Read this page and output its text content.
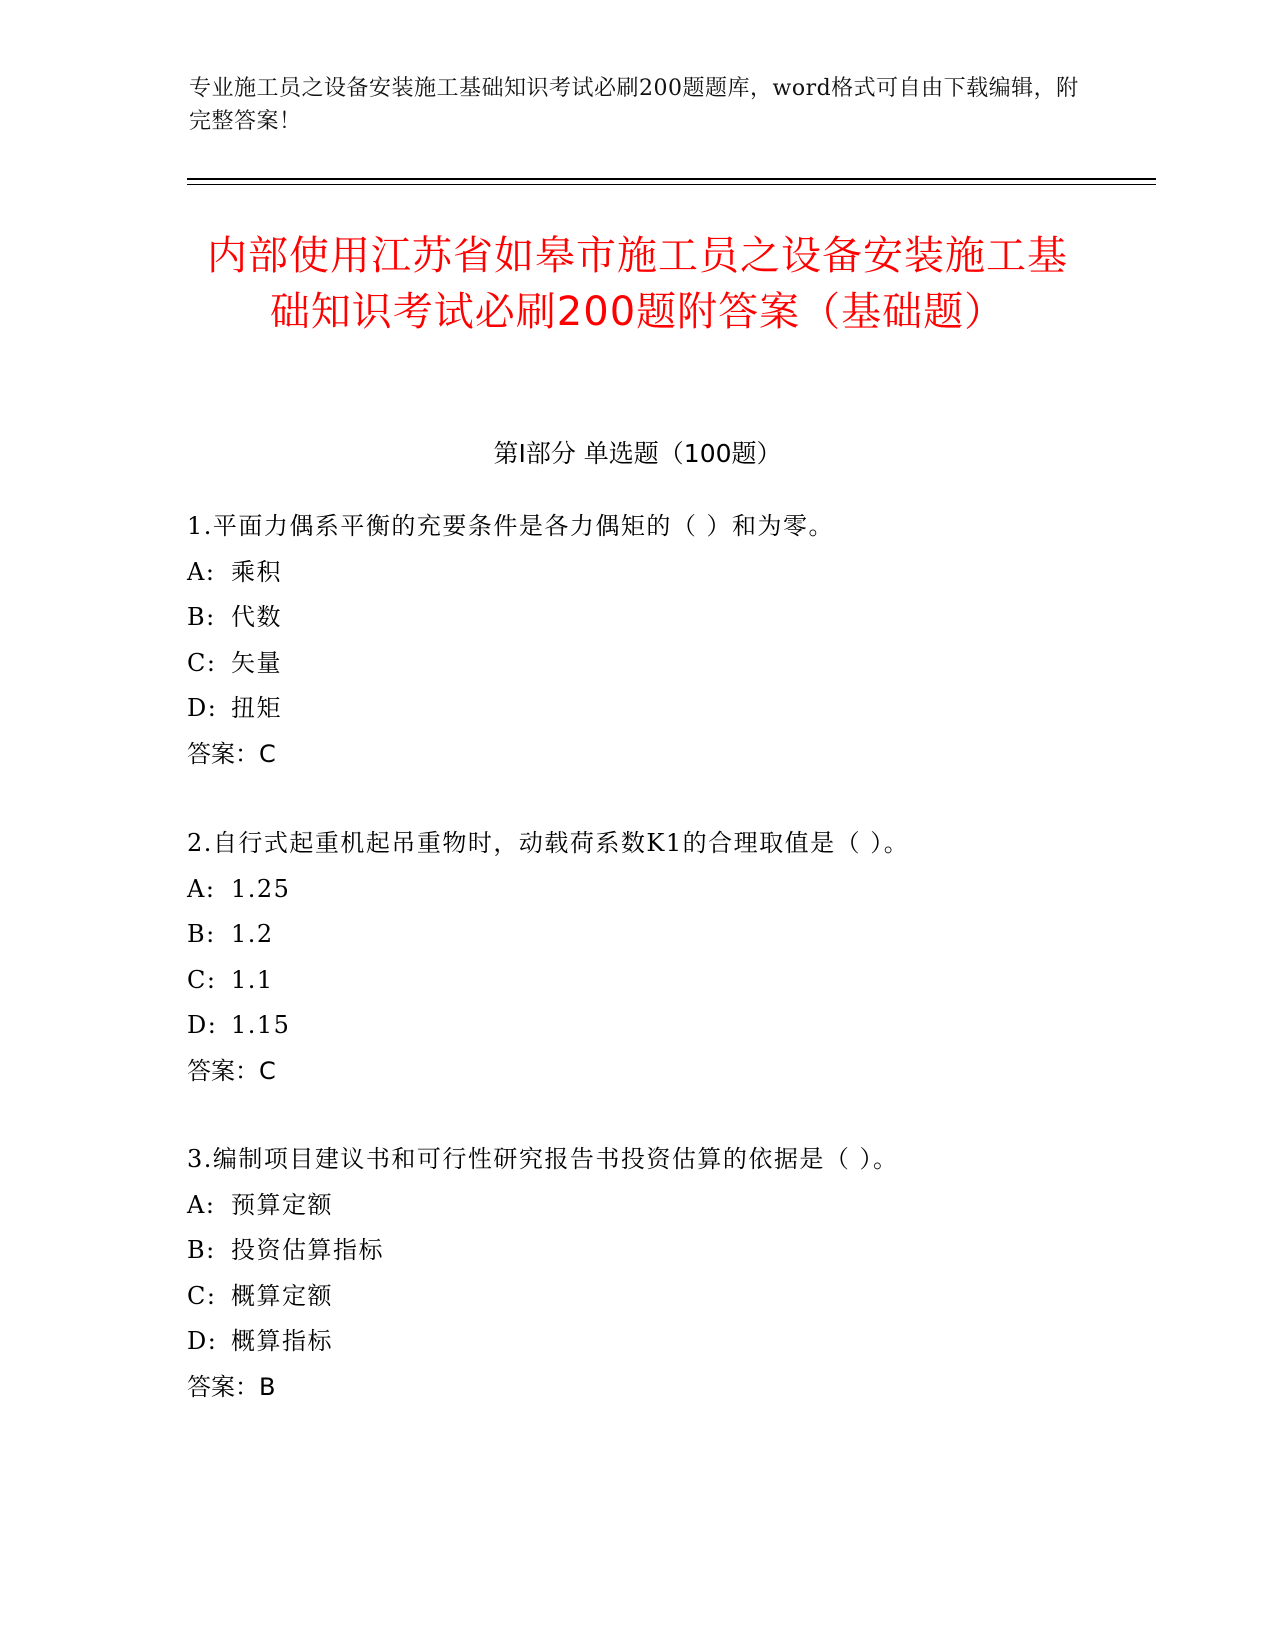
专业施工员之设备安装施工基础知识考试必刷200题题库，word格式可自由下载编辑，附完整答案！
内部使用江苏省如皋市施工员之设备安装施工基础知识考试必刷200题附答案（基础题）
第Ⅰ部分 单选题（100题）
1.平面力偶系平衡的充要条件是各力偶矩的（ ）和为零。
A: 乘积
B: 代数
C: 矢量
D: 扭矩
答案：C
2.自行式起重机起吊重物时，动载荷系数K1的合理取值是（ ）。
A: 1.25
B: 1.2
C: 1.1
D: 1.15
答案：C
3.编制项目建议书和可行性研究报告书投资估算的依据是（ ）。
A: 预算定额
B: 投资估算指标
C: 概算定额
D: 概算指标
答案：B
